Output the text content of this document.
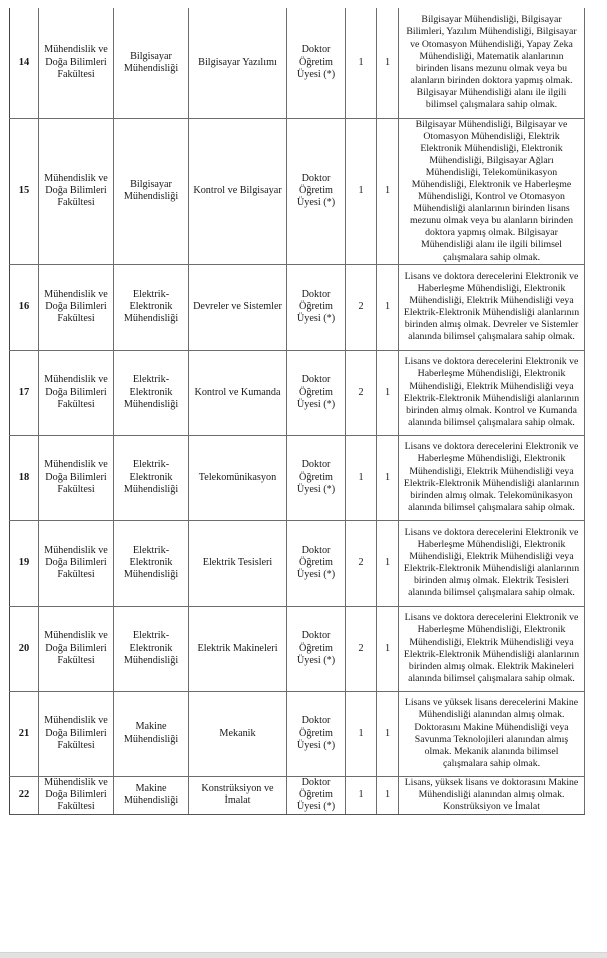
14	Mühendislik ve Doğa Bilimleri Fakültesi	Bilgisayar Mühendisliği	Bilgisayar Yazılımı	Doktor Öğretim Üyesi (*)	1	1	Bilgisayar Mühendisliği, Bilgisayar Bilimleri, Yazılım Mühendisliği, Bilgisayar ve Otomasyon Mühendisliği, Yapay Zeka Mühendisliği, Matematik alanlarının birinden lisans mezunu olmak veya bu alanların birinden doktora yapmış olmak. Bilgisayar Mühendisliği alanı ile ilgili bilimsel çalışmalara sahip olmak.
15	Mühendislik ve Doğa Bilimleri Fakültesi	Bilgisayar Mühendisliği	Kontrol ve Bilgisayar	Doktor Öğretim Üyesi (*)	1	1	Bilgisayar Mühendisliği, Bilgisayar ve Otomasyon Mühendisliği, Elektrik Elektronik Mühendisliği, Elektronik Mühendisliği, Bilgisayar Ağları Mühendisliği, Telekomünikasyon Mühendisliği, Elektronik ve Haberleşme Mühendisliği, Kontrol ve Otomasyon Mühendisliği alanlarının birinden lisans mezunu olmak veya bu alanların birinden doktora yapmış olmak. Bilgisayar Mühendisliği alanı ile ilgili bilimsel çalışmalara sahip olmak.
16	Mühendislik ve Doğa Bilimleri Fakültesi	Elektrik-Elektronik Mühendisliği	Devreler ve Sistemler	Doktor Öğretim Üyesi (*)	2	1	Lisans ve doktora derecelerini Elektronik ve Haberleşme Mühendisliği, Elektronik Mühendisliği, Elektrik Mühendisliği veya Elektrik-Elektronik Mühendisliği alanlarının birinden almış olmak. Devreler ve Sistemler alanında bilimsel çalışmalara sahip olmak.
17	Mühendislik ve Doğa Bilimleri Fakültesi	Elektrik-Elektronik Mühendisliği	Kontrol ve Kumanda	Doktor Öğretim Üyesi (*)	2	1	Lisans ve doktora derecelerini Elektronik ve Haberleşme Mühendisliği, Elektronik Mühendisliği, Elektrik Mühendisliği veya Elektrik-Elektronik Mühendisliği alanlarının birinden almış olmak. Kontrol ve Kumanda alanında bilimsel çalışmalara sahip olmak.
18	Mühendislik ve Doğa Bilimleri Fakültesi	Elektrik-Elektronik Mühendisliği	Telekomünikasyon	Doktor Öğretim Üyesi (*)	1	1	Lisans ve doktora derecelerini Elektronik ve Haberleşme Mühendisliği, Elektronik Mühendisliği, Elektrik Mühendisliği veya Elektrik-Elektronik Mühendisliği alanlarının birinden almış olmak. Telekomünikasyon alanında bilimsel çalışmalara sahip olmak.
19	Mühendislik ve Doğa Bilimleri Fakültesi	Elektrik-Elektronik Mühendisliği	Elektrik Tesisleri	Doktor Öğretim Üyesi (*)	2	1	Lisans ve doktora derecelerini Elektronik ve Haberleşme Mühendisliği, Elektronik Mühendisliği, Elektrik Mühendisliği veya Elektrik-Elektronik Mühendisliği alanlarının birinden almış olmak. Elektrik Tesisleri alanında bilimsel çalışmalara sahip olmak.
20	Mühendislik ve Doğa Bilimleri Fakültesi	Elektrik-Elektronik Mühendisliği	Elektrik Makineleri	Doktor Öğretim Üyesi (*)	2	1	Lisans ve doktora derecelerini Elektronik ve Haberleşme Mühendisliği, Elektronik Mühendisliği, Elektrik Mühendisliği veya Elektrik-Elektronik Mühendisliği alanlarının birinden almış olmak. Elektrik Makineleri alanında bilimsel çalışmalara sahip olmak.
21	Mühendislik ve Doğa Bilimleri Fakültesi	Makine Mühendisliği	Mekanik	Doktor Öğretim Üyesi (*)	1	1	Lisans ve yüksek lisans derecelerini Makine Mühendisliği alanından almış olmak. Doktorasını Makine Mühendisliği veya Savunma Teknolojileri alanından almış olmak. Mekanik alanında bilimsel çalışmalara sahip olmak.
22	Mühendislik ve Doğa Bilimleri Fakültesi	Makine Mühendisliği	Konstrüksiyon ve İmalat	Doktor Öğretim Üyesi (*)	1	1	Lisans, yüksek lisans ve doktorasını Makine Mühendisliği alanından almış olmak. Konstrüksiyon ve İmalat
